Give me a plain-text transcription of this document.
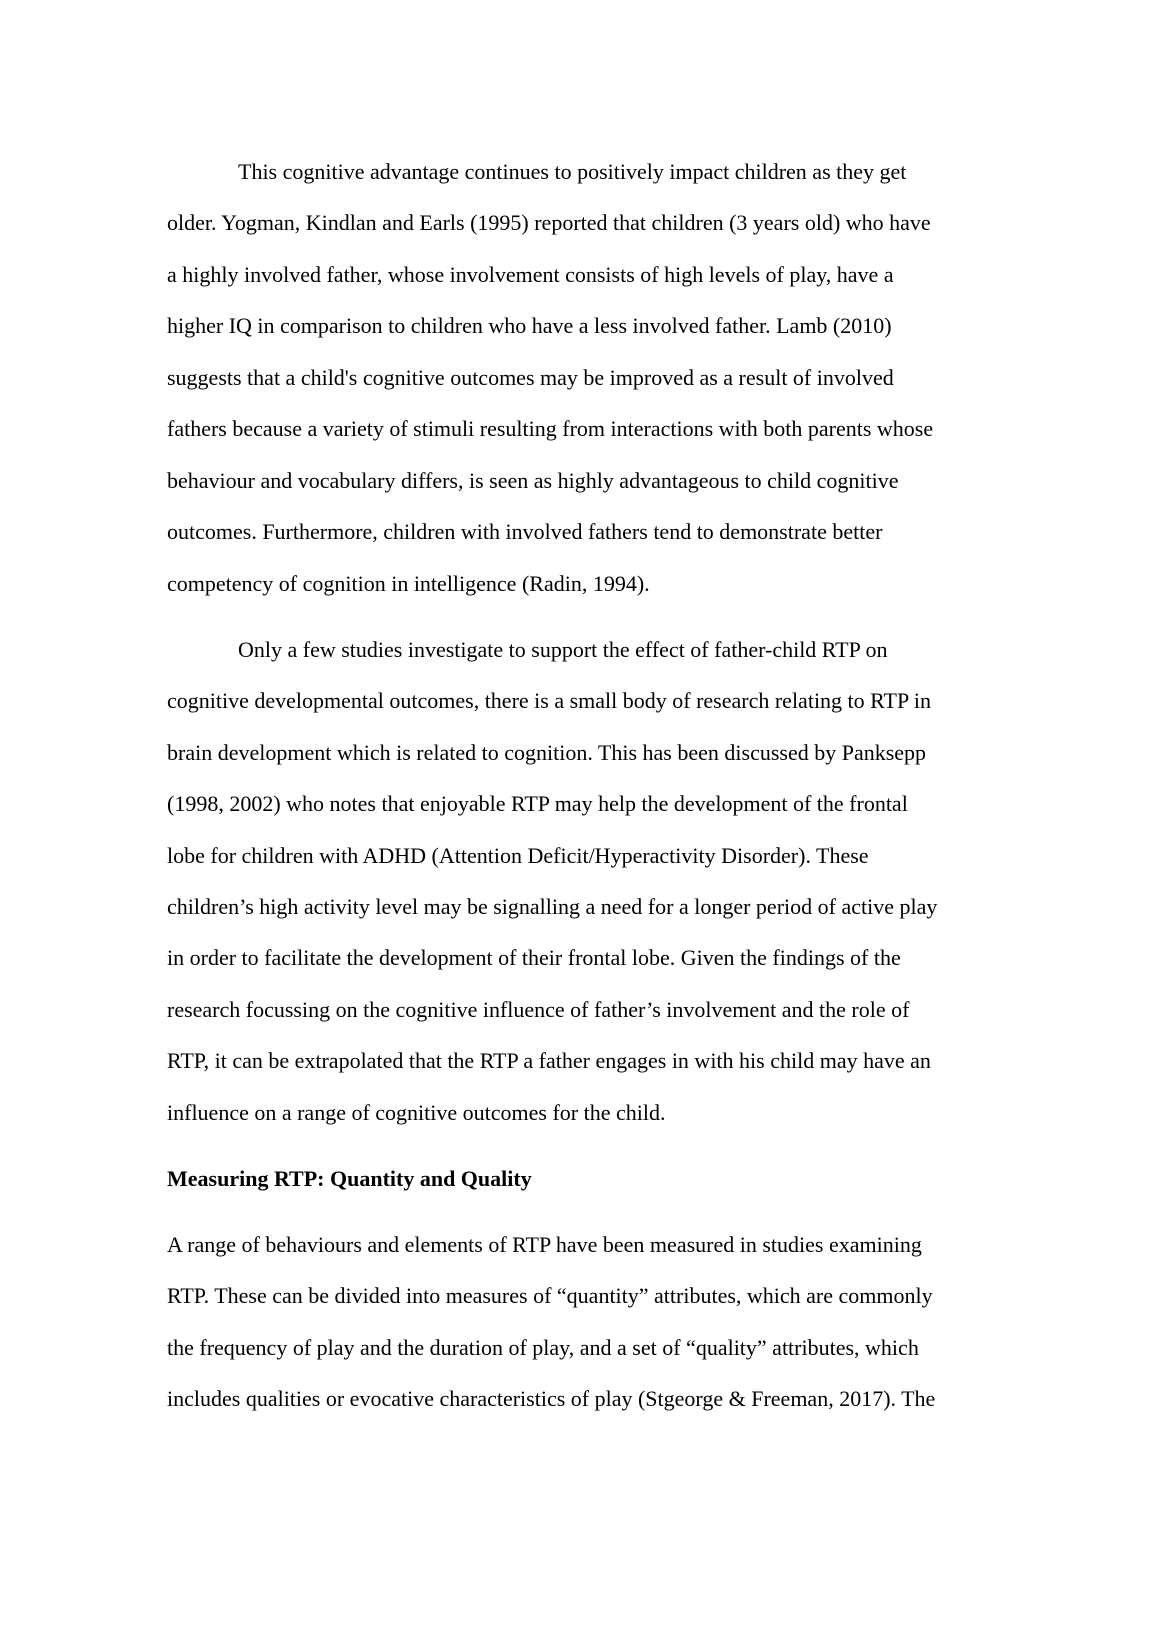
This cognitive advantage continues to positively impact children as they get
older. Yogman, Kindlan and Earls (1995) reported that children (3 years old) who have
a highly involved father, whose involvement consists of high levels of play, have a
higher IQ in comparison to children who have a less involved father. Lamb (2010)
suggests that a child's cognitive outcomes may be improved as a result of involved
fathers because a variety of stimuli resulting from interactions with both parents whose
behaviour and vocabulary differs, is seen as highly advantageous to child cognitive
outcomes. Furthermore, children with involved fathers tend to demonstrate better
competency of cognition in intelligence (Radin, 1994).
Only a few studies investigate to support the effect of father-child RTP on
cognitive developmental outcomes, there is a small body of research relating to RTP in
brain development which is related to cognition. This has been discussed by Panksepp
(1998, 2002) who notes that enjoyable RTP may help the development of the frontal
lobe for children with ADHD (Attention Deficit/Hyperactivity Disorder). These
children’s high activity level may be signalling a need for a longer period of active play
in order to facilitate the development of their frontal lobe. Given the findings of the
research focussing on the cognitive influence of father’s involvement and the role of
RTP, it can be extrapolated that the RTP a father engages in with his child may have an
influence on a range of cognitive outcomes for the child.
Measuring RTP: Quantity and Quality
A range of behaviours and elements of RTP have been measured in studies examining
RTP. These can be divided into measures of “quantity” attributes, which are commonly
the frequency of play and the duration of play, and a set of “quality” attributes, which
includes qualities or evocative characteristics of play (Stgeorge & Freeman, 2017). The
